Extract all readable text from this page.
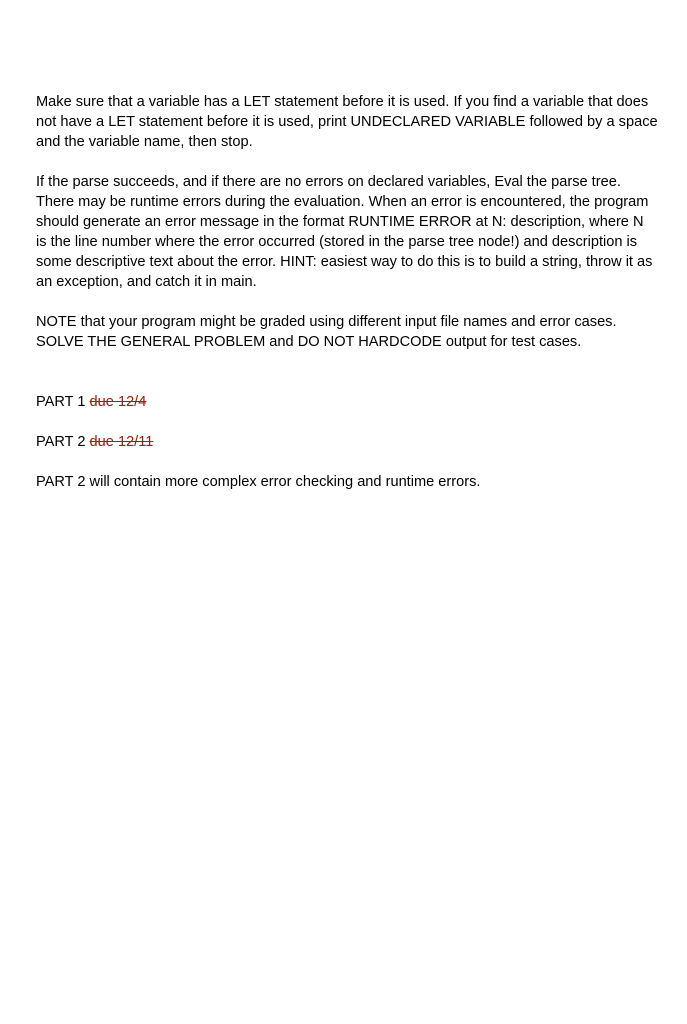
Make sure that a variable has a LET statement before it is used. If you find a variable that does not have a LET statement before it is used, print UNDECLARED VARIABLE followed by a space and the variable name, then stop.

If the parse succeeds, and if there are no errors on declared variables, Eval the parse tree. There may be runtime errors during the evaluation. When an error is encountered, the program should generate an error message in the format RUNTIME ERROR at N: description, where N is the line number where the error occurred (stored in the parse tree node!) and description is some descriptive text about the error. HINT: easiest way to do this is to build a string, throw it as an exception, and catch it in main.

NOTE that your program might be graded using different input file names and error cases. SOLVE THE GENERAL PROBLEM and DO NOT HARDCODE output for test cases.

PART 1 due 12/4

PART 2 due 12/11

PART 2 will contain more complex error checking and runtime errors.
